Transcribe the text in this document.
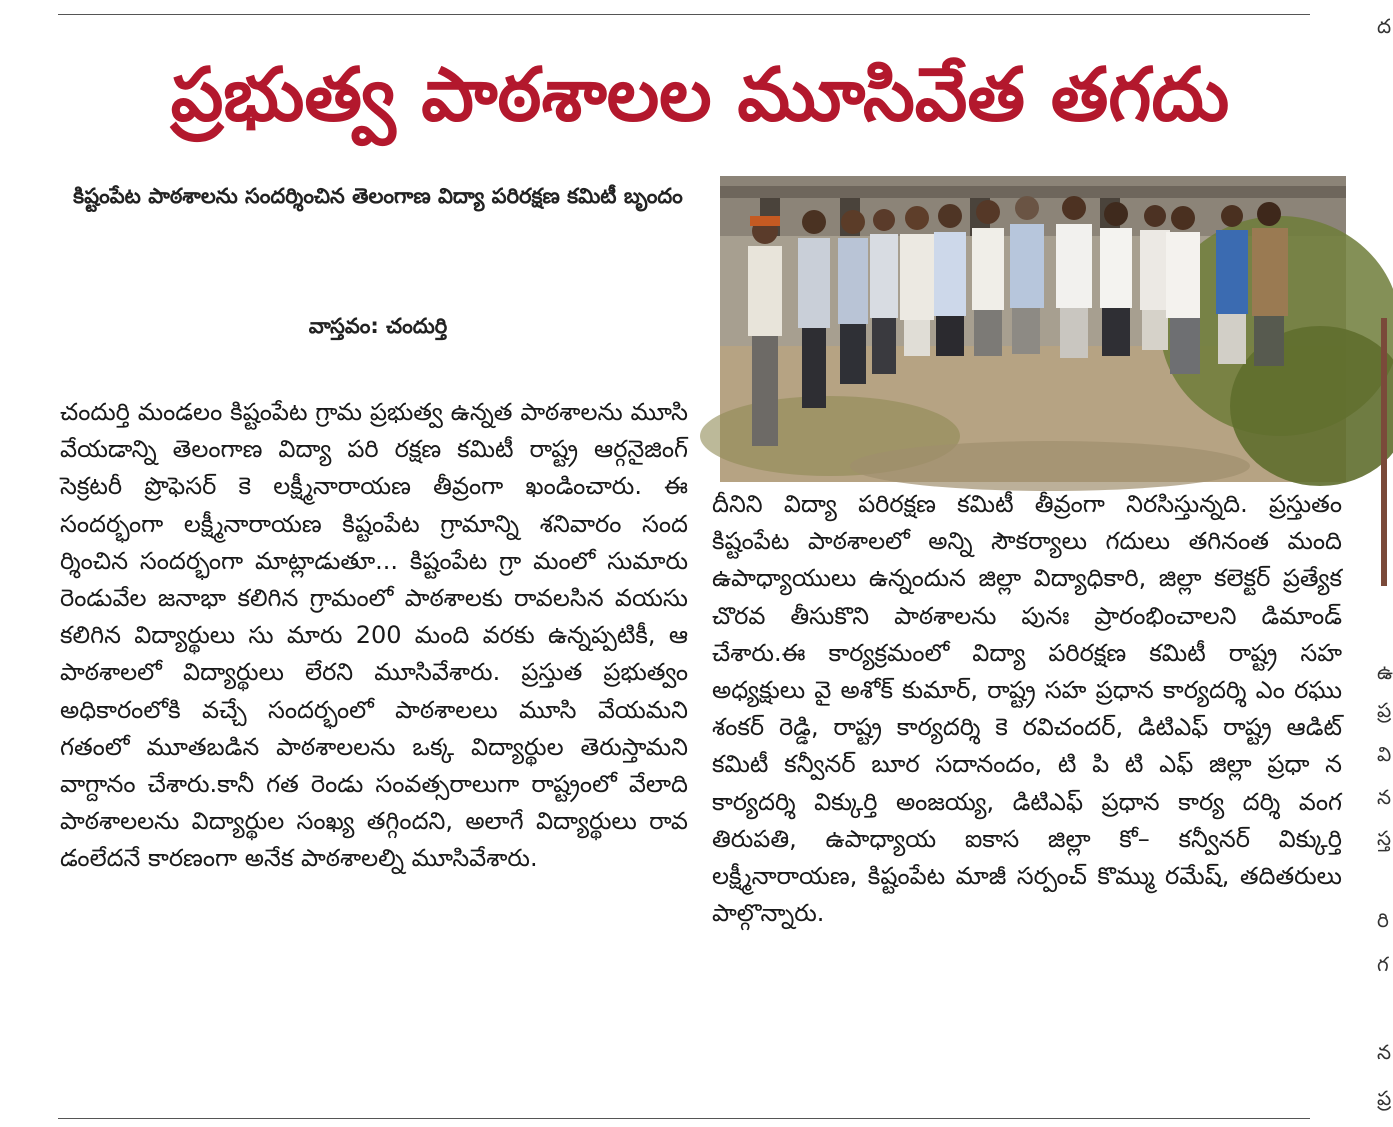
ప్రభుత్వ పాఠశాలల మూసివేత తగదు
కిష్టంపేట పాఠశాలను సందర్శించిన తెలంగాణ విద్యా పరిరక్షణ కమిటీ బృందం
వాస్తవం: చందుర్తి

చందుర్తి మండలం కిష్టంపేట గ్రామ ప్రభుత్వ ఉన్నత పాఠశాలను మూసి వేయడాన్ని తెలంగాణ విద్యా పరి రక్షణ కమిటీ రాష్ట్ర ఆర్గనైజింగ్ సెక్రటరీ ప్రొఫెసర్ కె లక్ష్మీనారాయణ తీవ్రంగా ఖండించారు. ఈ సందర్భంగా లక్ష్మీనారాయణ కిష్టంపేట గ్రామాన్ని శనివారం సంద ర్శించిన సందర్భంగా మాట్లాడుతూ... కిష్టంపేట గ్రా మంలో సుమారు రెండువేల జనాభా కలిగిన గ్రామంలో పాఠశాలకు రావలసిన వయసు కలిగిన విద్యార్థులు సు మారు 200 మంది వరకు ఉన్నప్పటికీ, ఆ పాఠశాలలో విద్యార్థులు లేరని మూసివేశారు. ప్రస్తుత ప్రభుత్వం అధికారంలోకి వచ్చే సందర్భంలో పాఠశాలలు మూసి వేయమని గతంలో మూతబడిన పాఠశాలలను ఒక్క విద్యార్థుల తెరుస్తామని వాగ్దానం చేశారు.కానీ గత రెండు సంవత్సరాలుగా రాష్ట్రంలో వేలాది పాఠశాలలను విద్యార్థుల సంఖ్య తగ్గిందని, అలాగే విద్యార్థులు రావ డంలేదనే కారణంగా అనేక పాఠశాలల్ని మూసివేశారు.

దీనిని విద్యా పరిరక్షణ కమిటీ తీవ్రంగా నిరసిస్తున్నది. ప్రస్తుతం కిష్టంపేట పాఠశాలలో అన్ని సౌకర్యాలు గదులు తగినంత మంది ఉపాధ్యాయులు ఉన్నందున జిల్లా విద్యాధికారి, జిల్లా కలెక్టర్ ప్రత్యేక చొరవ తీసుకొని పాఠశాలను పునః ప్రారంభించాలని డిమాండ్ చేశారు.ఈ కార్యక్రమంలో విద్యా పరిరక్షణ కమిటీ రాష్ట్ర సహ అధ్యక్షులు వై అశోక్ కుమార్, రాష్ట్ర సహ ప్రధాన కార్యదర్శి ఎం రఘు శంకర్ రెడ్డి, రాష్ట్ర కార్యదర్శి కె రవిచందర్, డిటిఎఫ్ రాష్ట్ర ఆడిట్ కమిటీ కన్వీనర్ బూర సదానందం, టి పి టి ఎఫ్ జిల్లా ప్రధా న కార్యదర్శి విక్కుర్తి అంజయ్య, డిటిఎఫ్ ప్రధాన కార్య దర్శి వంగ తిరుపతి, ఉపాధ్యాయ ఐకాస జిల్లా కో– కన్వీనర్ విక్కుర్తి లక్ష్మీనారాయణ, కిష్టంపేట మాజీ సర్పంచ్ కొమ్ము రమేష్, తదితరులు పాల్గొన్నారు.

ద
ఉ
ప్ర
వి
న
స్త
రి
గ
న
ప్ర
